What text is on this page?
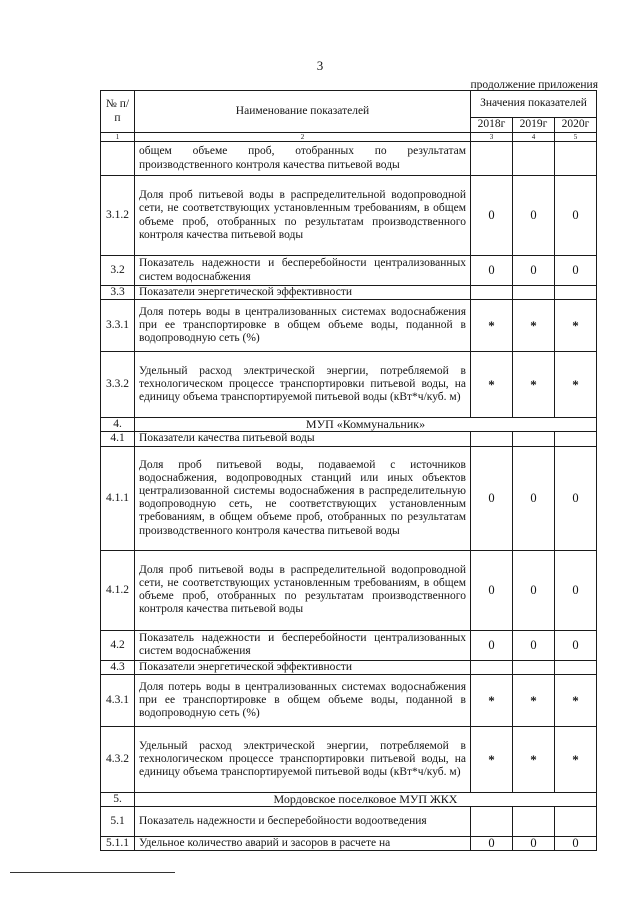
3
продолжение приложения
№ п/п	Наименование показателей	Значения показателей		
		2018г	2019г	2020г
1	2	3	4	5
	общем объеме проб, отобранных по результатам производственного контроля качества питьевой воды			
3.1.2	Доля проб питьевой воды в распределительной водопроводной сети, не соответствующих установленным требованиям, в общем объеме проб, отобранных по результатам производственного контроля качества питьевой воды	0	0	0
3.2	Показатель надежности и бесперебойности централизованных систем водоснабжения	0	0	0
3.3	Показатели энергетической эффективности			
3.3.1	Доля потерь воды в централизованных системах водоснабжения при ее транспортировке в общем объеме воды, поданной в водопроводную сеть (%)	*	*	*
3.3.2	Удельный расход электрической энергии, потребляемой в технологическом процессе транспортировки питьевой воды, на единицу объема транспортируемой питьевой воды (кВт*ч/куб. м)	*	*	*
4.	МУП «Коммунальник»			
4.1	Показатели качества питьевой воды			
4.1.1	Доля проб питьевой воды, подаваемой с источников водоснабжения, водопроводных станций или иных объектов централизованной системы водоснабжения в распределительную водопроводную сеть, не соответствующих установленным требованиям, в общем объеме проб, отобранных по результатам производственного контроля качества питьевой воды	0	0	0
4.1.2	Доля проб питьевой воды в распределительной водопроводной сети, не соответствующих установленным требованиям, в общем объеме проб, отобранных по результатам производственного контроля качества питьевой воды	0	0	0
4.2	Показатель надежности и бесперебойности централизованных систем водоснабжения	0	0	0
4.3	Показатели энергетической эффективности			
4.3.1	Доля потерь воды в централизованных системах водоснабжения при ее транспортировке в общем объеме воды, поданной в водопроводную сеть (%)	*	*	*
4.3.2	Удельный расход электрической энергии, потребляемой в технологическом процессе транспортировки питьевой воды, на единицу объема транспортируемой питьевой воды (кВт*ч/куб. м)	*	*	*
5.	Мордовское поселковое МУП ЖКХ			
5.1	Показатель надежности и бесперебойности водоотведения			
5.1.1	Удельное количество аварий и засоров в расчете на	0	0	0
